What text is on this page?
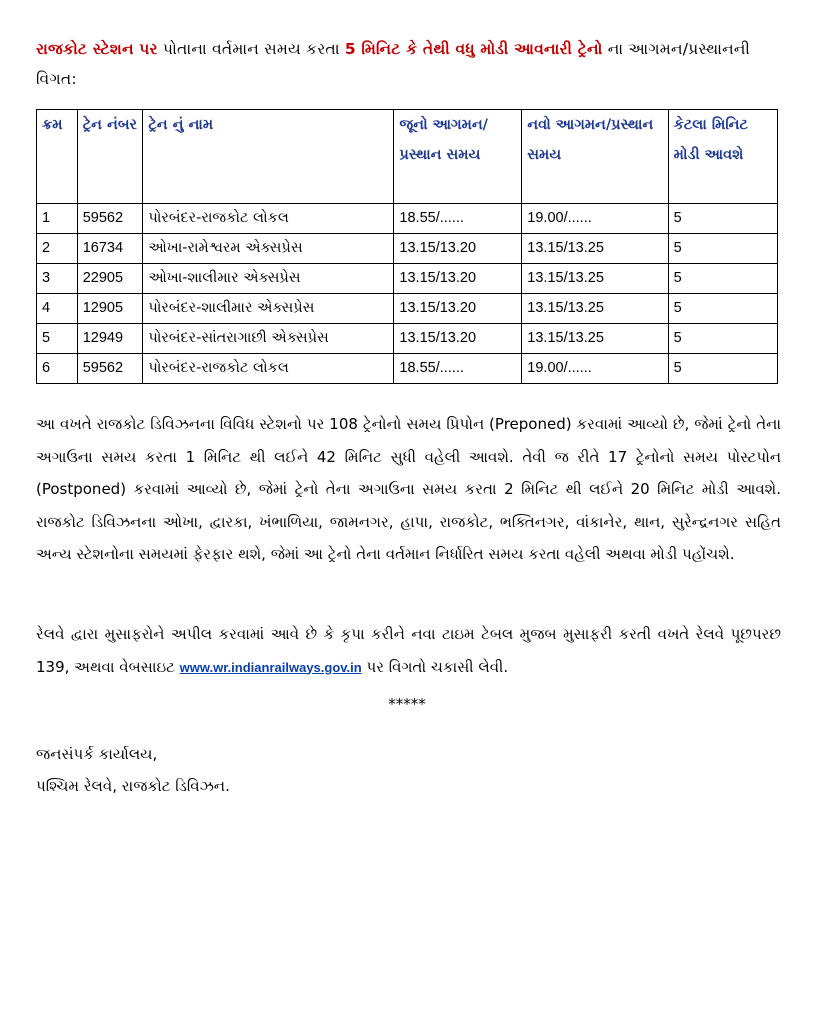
રાજકોટ સ્ટેશન પર પોતાના વર્તમાન સમય કરતા 5 મિનિટ કે તેથી વધુ મોડી આવનારી ટ્રેનો ના આગમન/પ્રસ્થાનની વિગત:
ક્રમ	ટ્રેન નંબર	ટ્રેન નું નામ	જૂનો આગમન/પ્રસ્થાન સમય	નવો આગમન/પ્રસ્થાન સમય	કેટલા મિનિટ મોડી આવશે
1	59562	પોરબંદર-રાજકોટ લોકલ	18.55/......	19.00/......	5
2	16734	ઓખા-રામેશ્વરમ એક્સપ્રેસ	13.15/13.20	13.15/13.25	5
3	22905	ઓખા-શાલીમાર એક્સપ્રેસ	13.15/13.20	13.15/13.25	5
4	12905	પોરબંદર-શાલીમાર એક્સપ્રેસ	13.15/13.20	13.15/13.25	5
5	12949	પોરબંદર-સાંતરાગાછી એક્સપ્રેસ	13.15/13.20	13.15/13.25	5
6	59562	પોરબંદર-રાજકોટ લોકલ	18.55/......	19.00/......	5
આ વખતે રાજકોટ ડિવિઝનના વિવિધ સ્ટેશનો પર 108 ટ્રેનોનો સમય પ્રિપોન (Preponed) કરવામાં આવ્યો છે, જેમાં ટ્રેનો તેના અગાઉના સમય કરતા 1 મિનિટ થી લઈને 42 મિનિટ સુધી વહેલી આવશે. તેવી જ રીતે 17 ટ્રેનોનો સમય પોસ્ટપોન (Postponed) કરવામાં આવ્યો છે, જેમાં ટ્રેનો તેના અગાઉના સમય કરતા 2 મિનિટ થી લઈને 20 મિનિટ મોડી આવશે. રાજકોટ ડિવિઝનના ઓખા, દ્વારકા, ખંભાળિયા, જામનગર, હાપા, રાજકોટ, ભક્તિનગર, વાંકાનેર, થાન, સુરેન્દ્રનગર સહિત અન્ય સ્ટેશનોના સમયમાં ફેરફાર થશે, જેમાં આ ટ્રેનો તેના વર્તમાન નિર્ધારિત સમય કરતા વહેલી અથવા મોડી પહોંચશે.
રેલવે દ્વારા મુસાફરોને અપીલ કરવામાં આવે છે કે કૃપા કરીને નવા ટાઇમ ટેબલ મુજબ મુસાફરી કરતી વખતે રેલવે પૂછપરછ 139, અથવા વેબસાઇટ www.wr.indianrailways.gov.in પર વિગતો ચકાસી લેવી.
*****
જનસંપર્ક કાર્યાલય,
પશ્ચિમ રેલવે, રાજકોટ ડિવિઝન.
